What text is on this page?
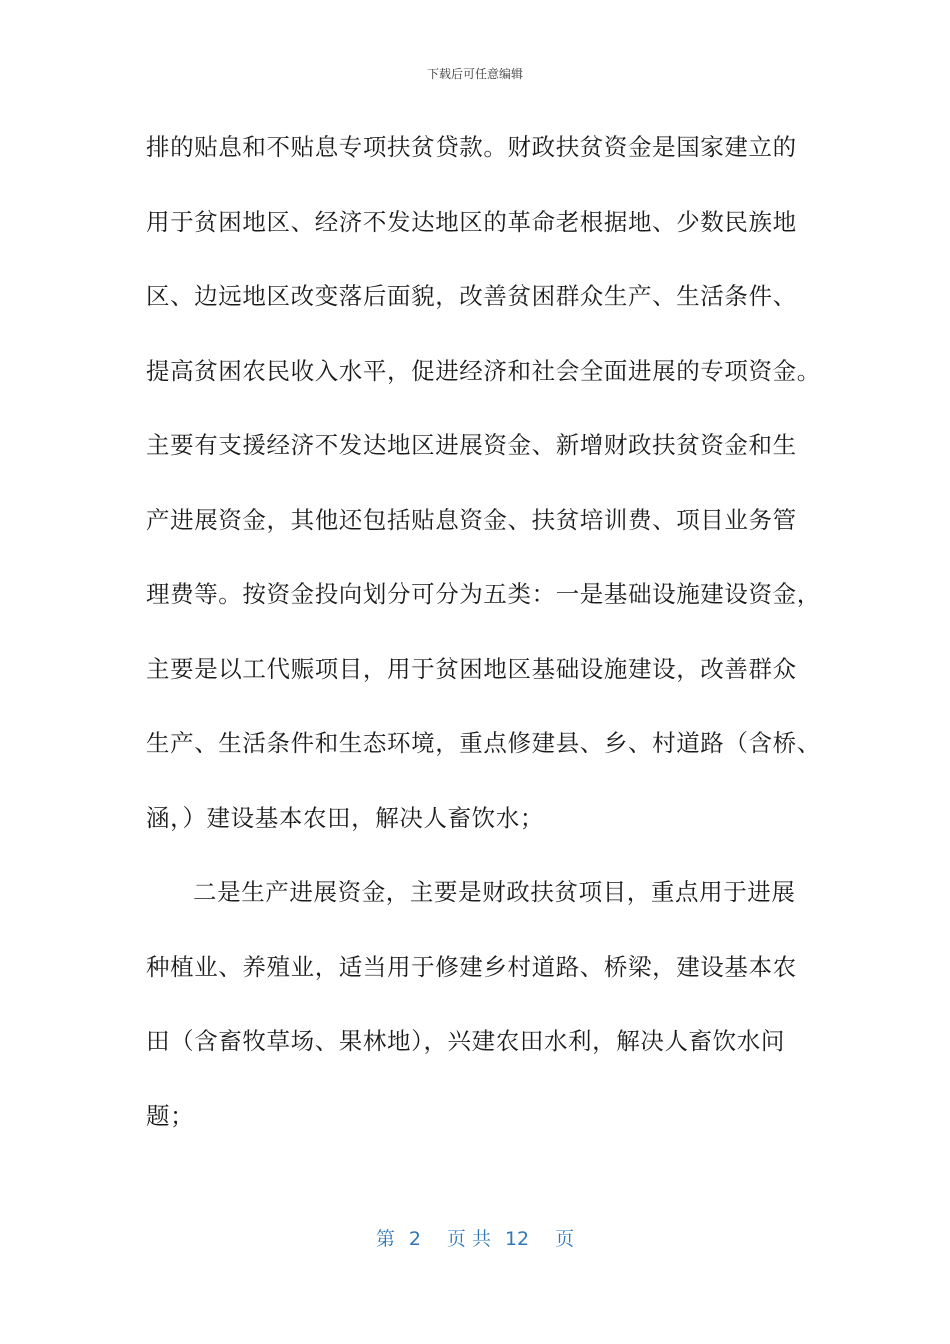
下载后可任意编辑
排的贴息和不贴息专项扶贫贷款。财政扶贫资金是国家建立的
用于贫困地区、经济不发达地区的革命老根据地、少数民族地
区、边远地区改变落后面貌，改善贫困群众生产、生活条件、
提高贫困农民收入水平，促进经济和社会全面进展的专项资金。
主要有支援经济不发达地区进展资金、新增财政扶贫资金和生
产进展资金，其他还包括贴息资金、扶贫培训费、项目业务管
理费等。按资金投向划分可分为五类：一是基础设施建设资金，
主要是以工代赈项目，用于贫困地区基础设施建设，改善群众
生产、生活条件和生态环境，重点修建县、乡、村道路（含桥、
涵，）建设基本农田，解决人畜饮水；
二是生产进展资金，主要是财政扶贫项目，重点用于进展
种植业、养殖业，适当用于修建乡村道路、桥梁，建设基本农
田（含畜牧草场、果林地），兴建农田水利，解决人畜饮水问
题；
第 2 页 共 12 页
